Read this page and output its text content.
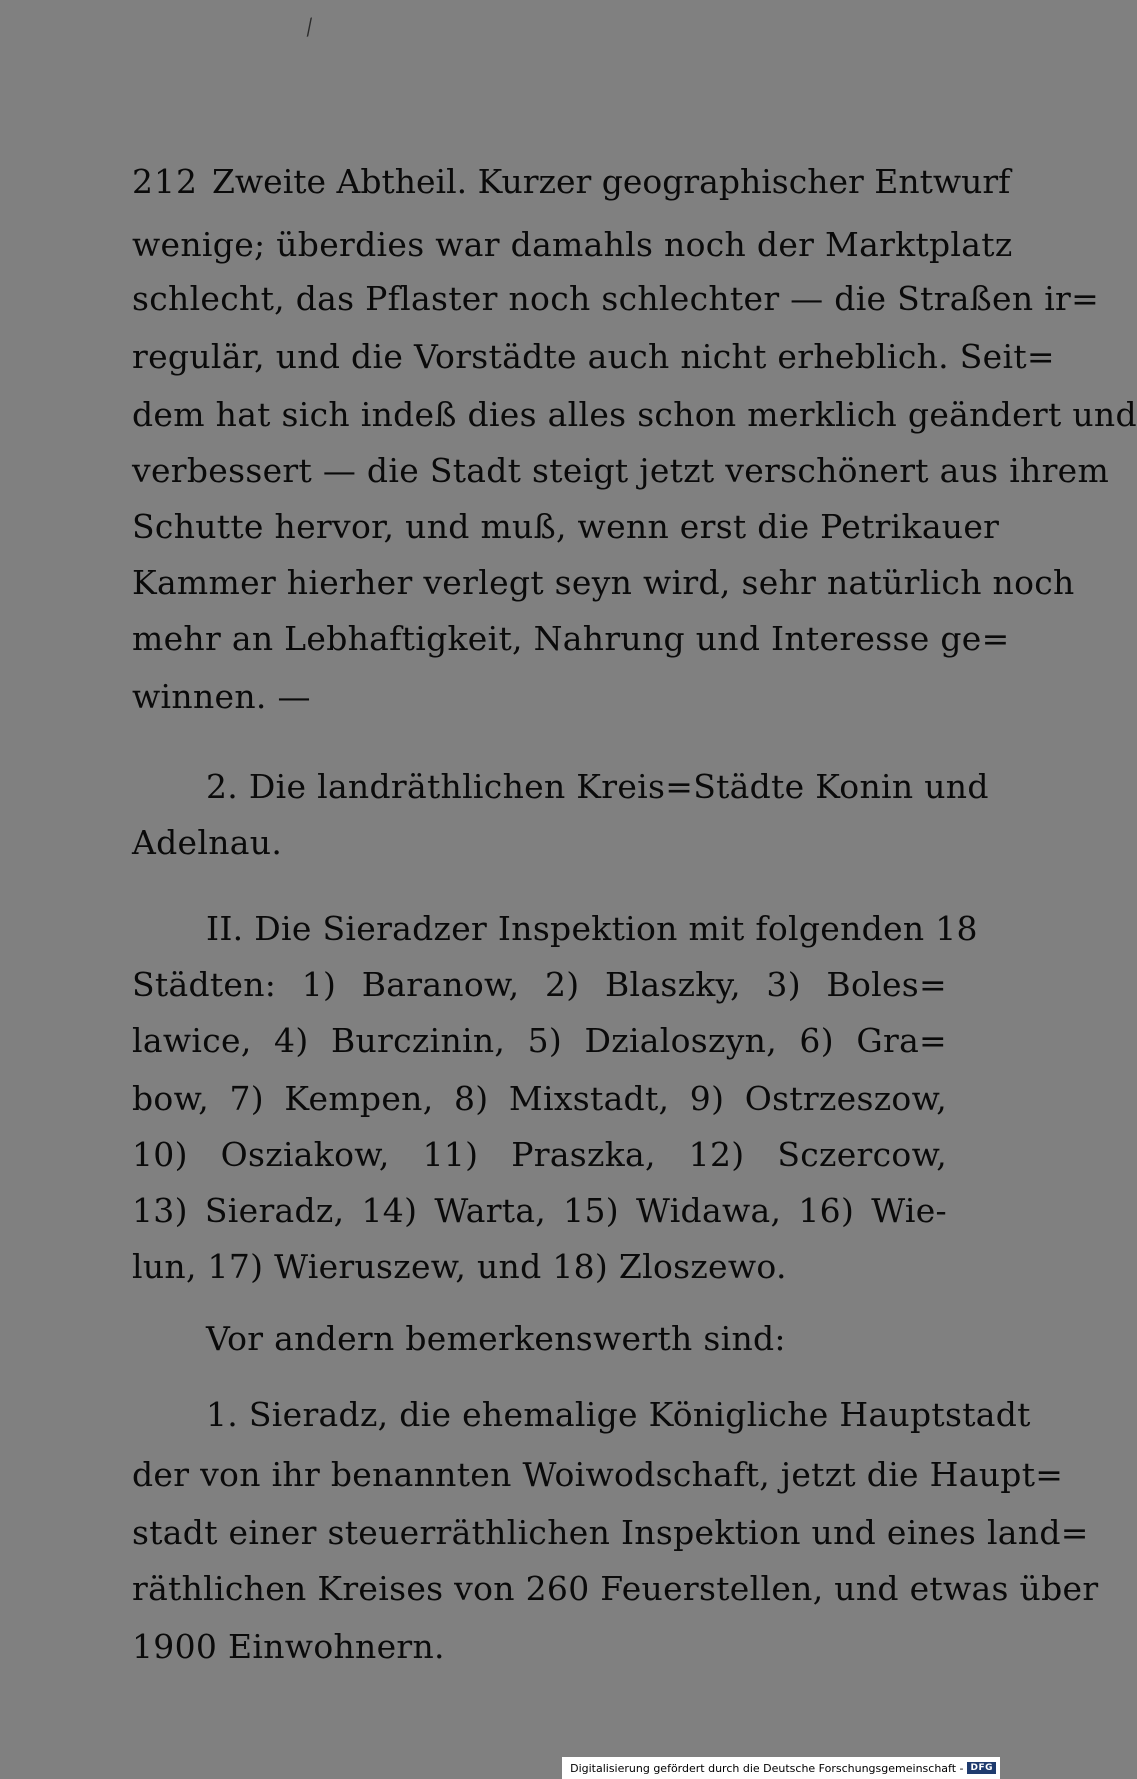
⁄
212 Zweite Abtheil. Kurzer geographischer Entwurf
wenige; überdies war damahls noch der Marktplatz
schlecht, das Pflaster noch schlechter — die Straßen ir=
regulär, und die Vorstädte auch nicht erheblich. Seit=
dem hat sich indeß dies alles schon merklich geändert und
verbessert — die Stadt steigt jetzt verschönert aus ihrem
Schutte hervor, und muß, wenn erst die Petrikauer
Kammer hierher verlegt seyn wird, sehr natürlich noch
mehr an Lebhaftigkeit, Nahrung und Interesse ge=
winnen. —
2. Die landräthlichen Kreis=Städte Konin und
Adelnau.
II. Die Sieradzer Inspektion mit folgenden 18
Städten: 1) Baranow, 2) Blaszky, 3) Boles=
lawice, 4) Burczinin, 5) Dzialoszyn, 6) Gra=
bow, 7) Kempen, 8) Mixstadt, 9) Ostrzeszow,
10) Osziakow, 11) Praszka, 12) Sczercow,
13) Sieradz, 14) Warta, 15) Widawa, 16) Wie-
lun, 17) Wieruszew, und 18) Zloszewo.
Vor andern bemerkenswerth sind:
1. Sieradz, die ehemalige Königliche Hauptstadt
der von ihr benannten Woiwodschaft, jetzt die Haupt=
stadt einer steuerräthlichen Inspektion und eines land=
räthlichen Kreises von 260 Feuerstellen, und etwas über
1900 Einwohnern.
Digitalisierung gefördert durch die Deutsche Forschungsgemeinschaft - DFG
